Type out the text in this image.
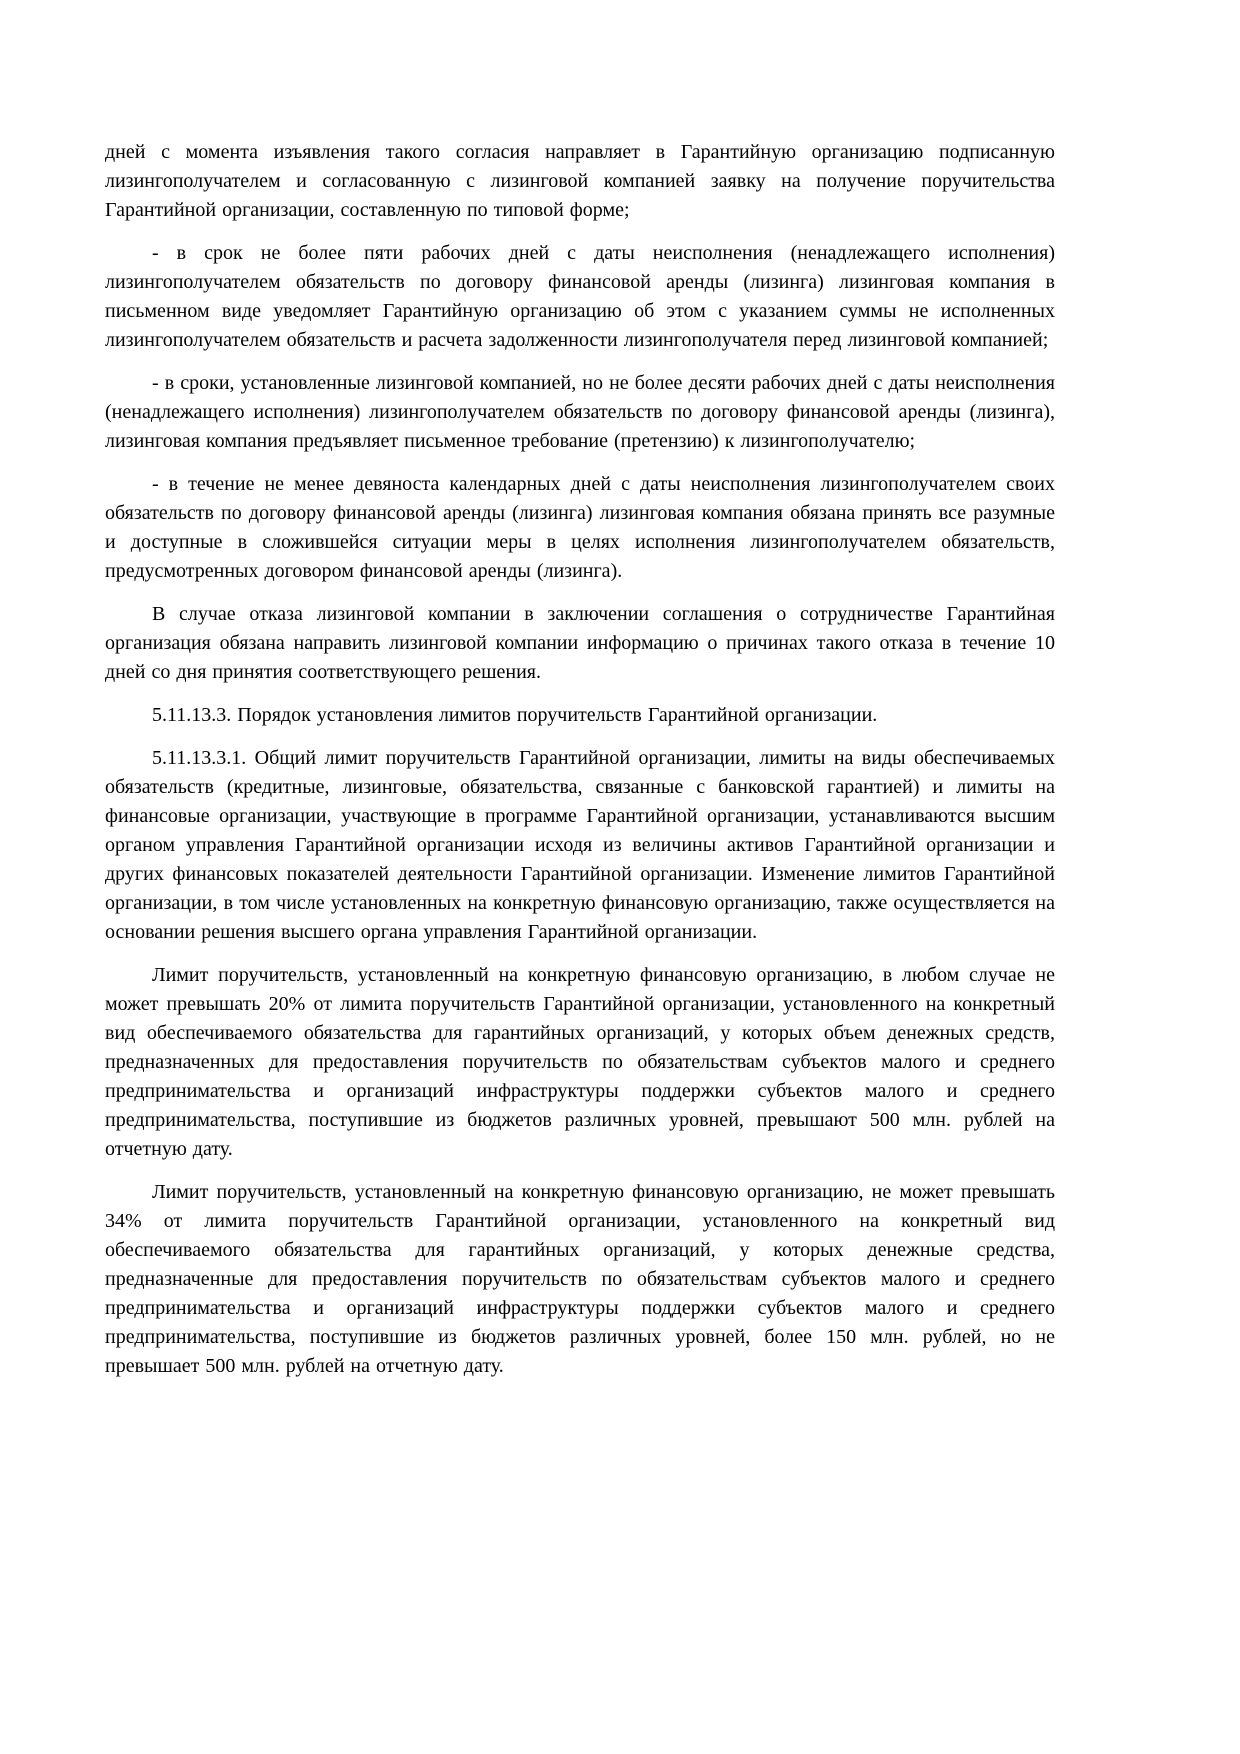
дней с момента изъявления такого согласия направляет в Гарантийную организацию подписанную лизингополучателем и согласованную с лизинговой компанией заявку на получение поручительства Гарантийной организации, составленную по типовой форме;

- в срок не более пяти рабочих дней с даты неисполнения (ненадлежащего исполнения) лизингополучателем обязательств по договору финансовой аренды (лизинга) лизинговая компания в письменном виде уведомляет Гарантийную организацию об этом с указанием суммы не исполненных лизингополучателем обязательств и расчета задолженности лизингополучателя перед лизинговой компанией;

- в сроки, установленные лизинговой компанией, но не более десяти рабочих дней с даты неисполнения (ненадлежащего исполнения) лизингополучателем обязательств по договору финансовой аренды (лизинга), лизинговая компания предъявляет письменное требование (претензию) к лизингополучателю;

- в течение не менее девяноста календарных дней с даты неисполнения лизингополучателем своих обязательств по договору финансовой аренды (лизинга) лизинговая компания обязана принять все разумные и доступные в сложившейся ситуации меры в целях исполнения лизингополучателем обязательств, предусмотренных договором финансовой аренды (лизинга).

В случае отказа лизинговой компании в заключении соглашения о сотрудничестве Гарантийная организация обязана направить лизинговой компании информацию о причинах такого отказа в течение 10 дней со дня принятия соответствующего решения.

5.11.13.3. Порядок установления лимитов поручительств Гарантийной организации.

5.11.13.3.1. Общий лимит поручительств Гарантийной организации, лимиты на виды обеспечиваемых обязательств (кредитные, лизинговые, обязательства, связанные с банковской гарантией) и лимиты на финансовые организации, участвующие в программе Гарантийной организации, устанавливаются высшим органом управления Гарантийной организации исходя из величины активов Гарантийной организации и других финансовых показателей деятельности Гарантийной организации. Изменение лимитов Гарантийной организации, в том числе установленных на конкретную финансовую организацию, также осуществляется на основании решения высшего органа управления Гарантийной организации.

Лимит поручительств, установленный на конкретную финансовую организацию, в любом случае не может превышать 20% от лимита поручительств Гарантийной организации, установленного на конкретный вид обеспечиваемого обязательства для гарантийных организаций, у которых объем денежных средств, предназначенных для предоставления поручительств по обязательствам субъектов малого и среднего предпринимательства и организаций инфраструктуры поддержки субъектов малого и среднего предпринимательства, поступившие из бюджетов различных уровней, превышают 500 млн. рублей на отчетную дату.

Лимит поручительств, установленный на конкретную финансовую организацию, не может превышать 34% от лимита поручительств Гарантийной организации, установленного на конкретный вид обеспечиваемого обязательства для гарантийных организаций, у которых денежные средства, предназначенные для предоставления поручительств по обязательствам субъектов малого и среднего предпринимательства и организаций инфраструктуры поддержки субъектов малого и среднего предпринимательства, поступившие из бюджетов различных уровней, более 150 млн. рублей, но не превышает 500 млн. рублей на отчетную дату.
